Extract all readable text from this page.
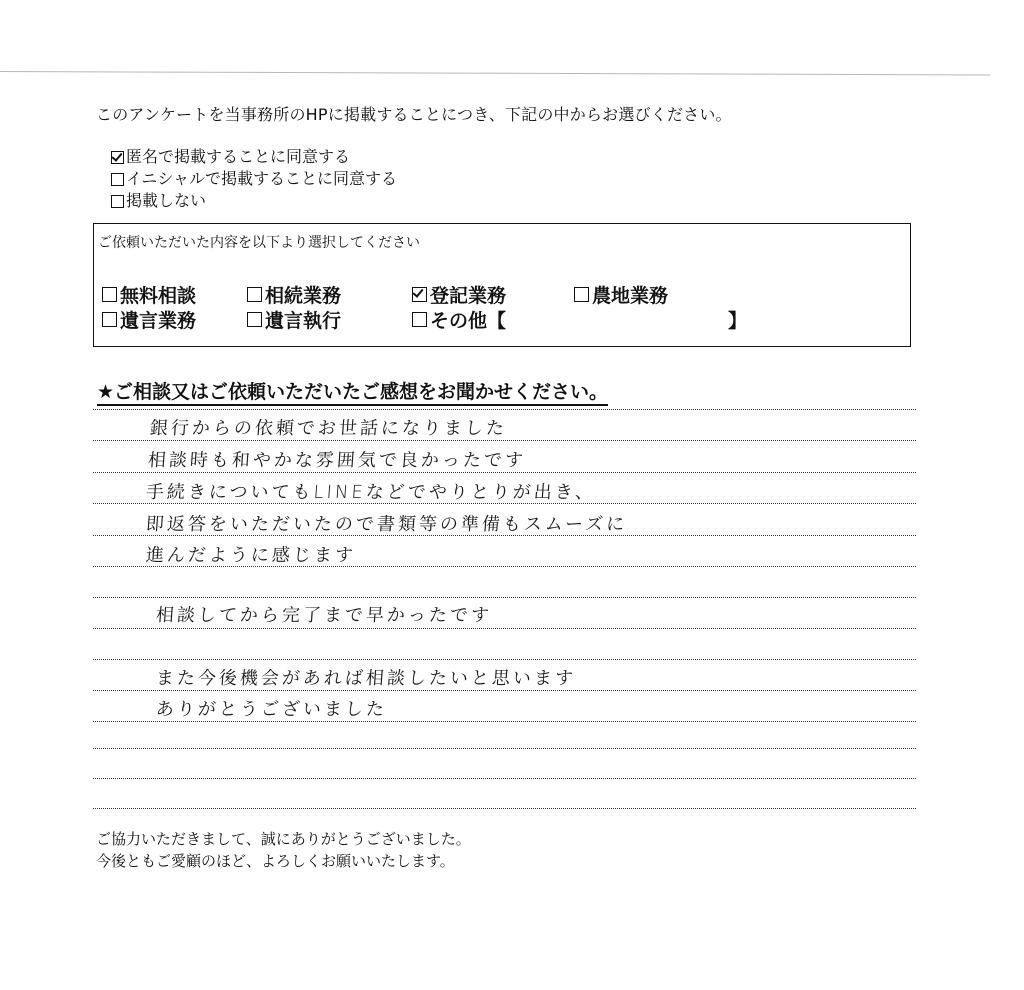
このアンケートを当事務所のHPに掲載することにつき、下記の中からお選びください。
匿名で掲載することに同意する
イニシャルで掲載することに同意する
掲載しない
ご依頼いただいた内容を以下より選択してください
無料相談	相続業務	登記業務	農地業務
遺言業務	遺言執行	その他【	】
★ご相談又はご依頼いただいたご感想をお聞かせください。
銀行からの依頼でお世話になりました
相談時も和やかな雰囲気で良かったです
手続きについてもLINEなどでやりとりが出き、
即返答をいただいたので書類等の準備もスムーズに
進んだように感じます
相談してから完了まで早かったです
また今後機会があれば相談したいと思います
ありがとうございました
ご協力いただきまして、誠にありがとうございました。
今後ともご愛顧のほど、よろしくお願いいたします。
